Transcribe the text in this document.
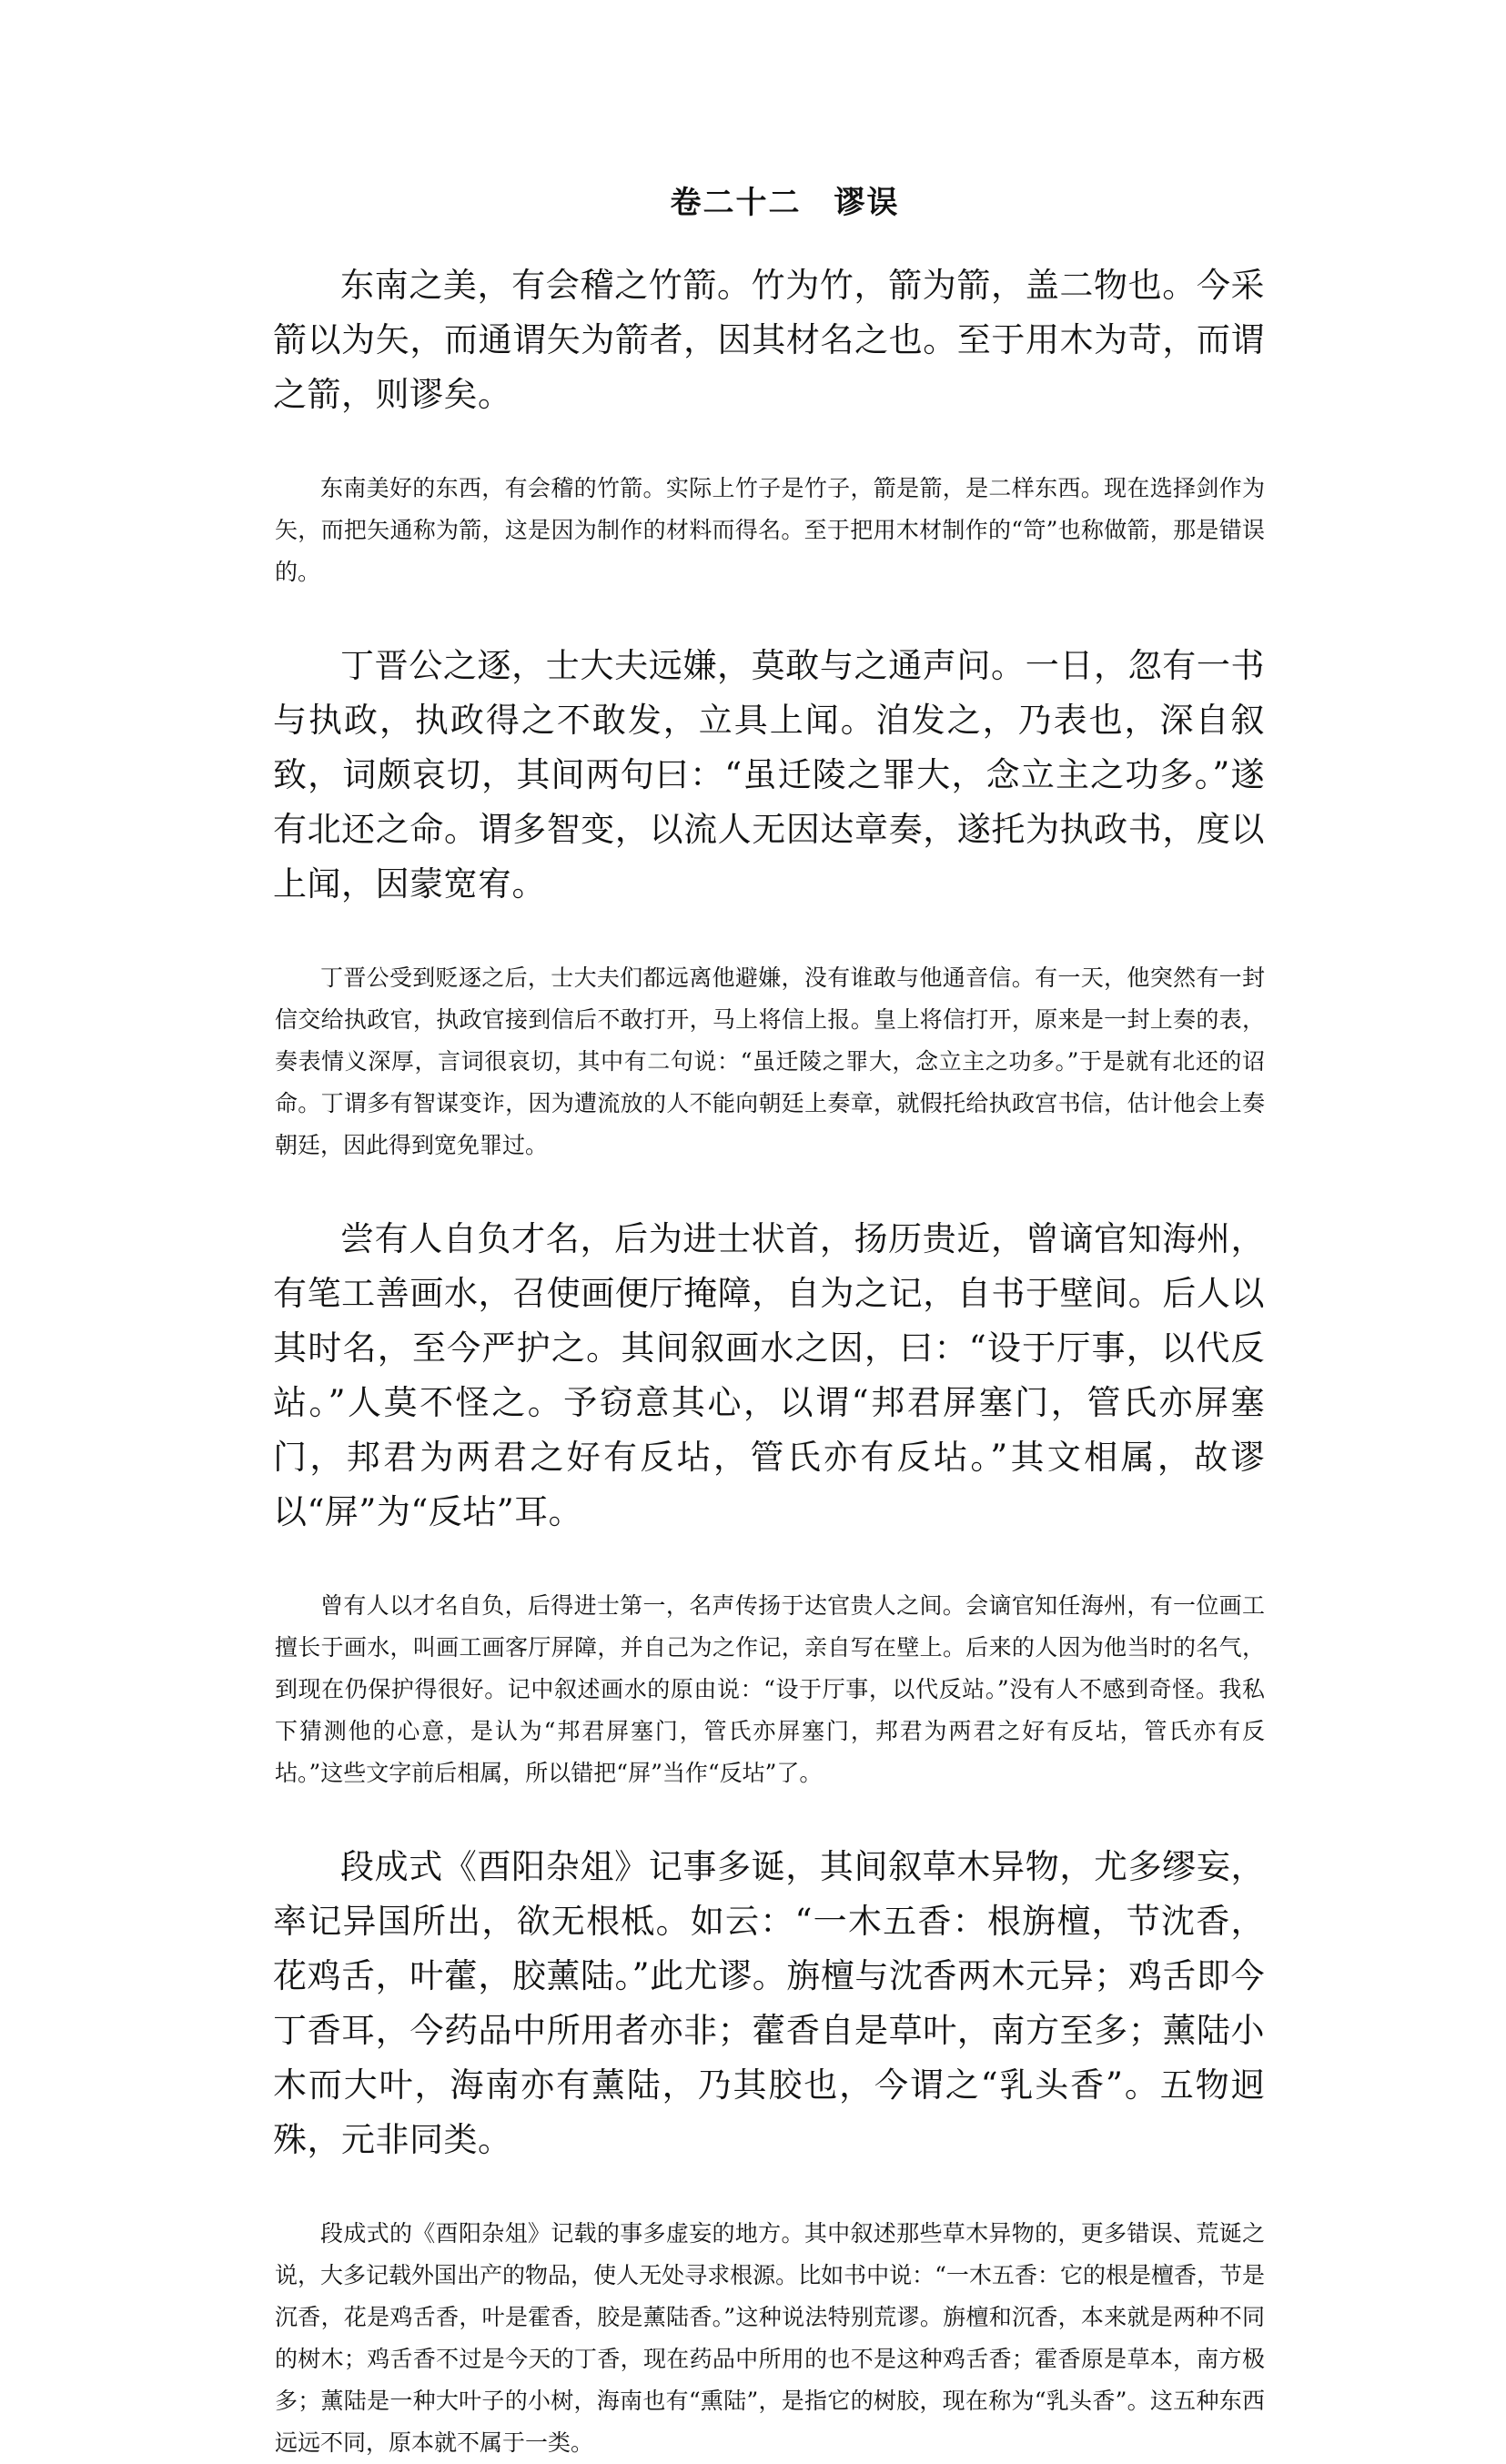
卷二十二　谬误

东南之美，有会稽之竹箭。竹为竹，箭为箭，盖二物也。今采箭以为矢，而通谓矢为箭者，因其材名之也。至于用木为苛，而谓之箭，则谬矣。

东南美好的东西，有会稽的竹箭。实际上竹子是竹子，箭是箭，是二样东西。现在选择剑作为矢，而把矢通称为箭，这是因为制作的材料而得名。至于把用木材制作的“笴”也称做箭，那是错误的。

丁晋公之逐，士大夫远嫌，莫敢与之通声问。一日，忽有一书与执政，执政得之不敢发，立具上闻。洎发之，乃表也，深自叙致，词颇哀切，其间两句曰：“虽迁陵之罪大，念立主之功多。”遂有北还之命。谓多智变，以流人无因达章奏，遂托为执政书，度以上闻，因蒙宽宥。

丁晋公受到贬逐之后，士大夫们都远离他避嫌，没有谁敢与他通音信。有一天，他突然有一封信交给执政官，执政官接到信后不敢打开，马上将信上报。皇上将信打开，原来是一封上奏的表，奏表情义深厚，言词很哀切，其中有二句说：“虽迁陵之罪大，念立主之功多。”于是就有北还的诏命。丁谓多有智谋变诈，因为遭流放的人不能向朝廷上奏章，就假托给执政宫书信，估计他会上奏朝廷，因此得到宽免罪过。

尝有人自负才名，后为进士状首，扬历贵近，曾谪官知海州，有笔工善画水，召使画便厅掩障，自为之记，自书于壁间。后人以其时名，至今严护之。其间叙画水之因，曰：“设于厅事，以代反站。”人莫不怪之。予窃意其心，以谓“邦君屏塞门，管氏亦屏塞门，邦君为两君之好有反坫，管氏亦有反坫。”其文相属，故谬以“屏”为“反坫”耳。

曾有人以才名自负，后得进士第一，名声传扬于达官贵人之间。会谪官知任海州，有一位画工擅长于画水，叫画工画客厅屏障，并自己为之作记，亲自写在壁上。后来的人因为他当时的名气，到现在仍保护得很好。记中叙述画水的原由说：“设于厅事，以代反站。”没有人不感到奇怪。我私下猜测他的心意，是认为“邦君屏塞门，管氏亦屏塞门，邦君为两君之好有反坫，管氏亦有反坫。”这些文字前后相属，所以错把“屏”当作“反坫”了。

段成式《酉阳杂俎》记事多诞，其间叙草木异物，尤多缪妄，率记异国所出，欲无根柢。如云：“一木五香：根旃檀，节沈香，花鸡舌，叶藿，胶薰陆。”此尤谬。旃檀与沈香两木元异；鸡舌即今丁香耳，今药品中所用者亦非；藿香自是草叶，南方至多；薰陆小木而大叶，海南亦有薰陆，乃其胶也，今谓之“乳头香”。五物迥殊，元非同类。

段成式的《酉阳杂俎》记载的事多虚妄的地方。其中叙述那些草木异物的，更多错误、荒诞之说，大多记载外国出产的物品，使人无处寻求根源。比如书中说：“一木五香：它的根是檀香，节是沉香，花是鸡舌香，叶是霍香，胶是薰陆香。”这种说法特别荒谬。旃檀和沉香，本来就是两种不同的树木；鸡舌香不过是今天的丁香，现在药品中所用的也不是这种鸡舌香；霍香原是草本，南方极多；薰陆是一种大叶子的小树，海南也有“熏陆”，是指它的树胶，现在称为“乳头香”。这五种东西远远不同，原本就不属于一类。
